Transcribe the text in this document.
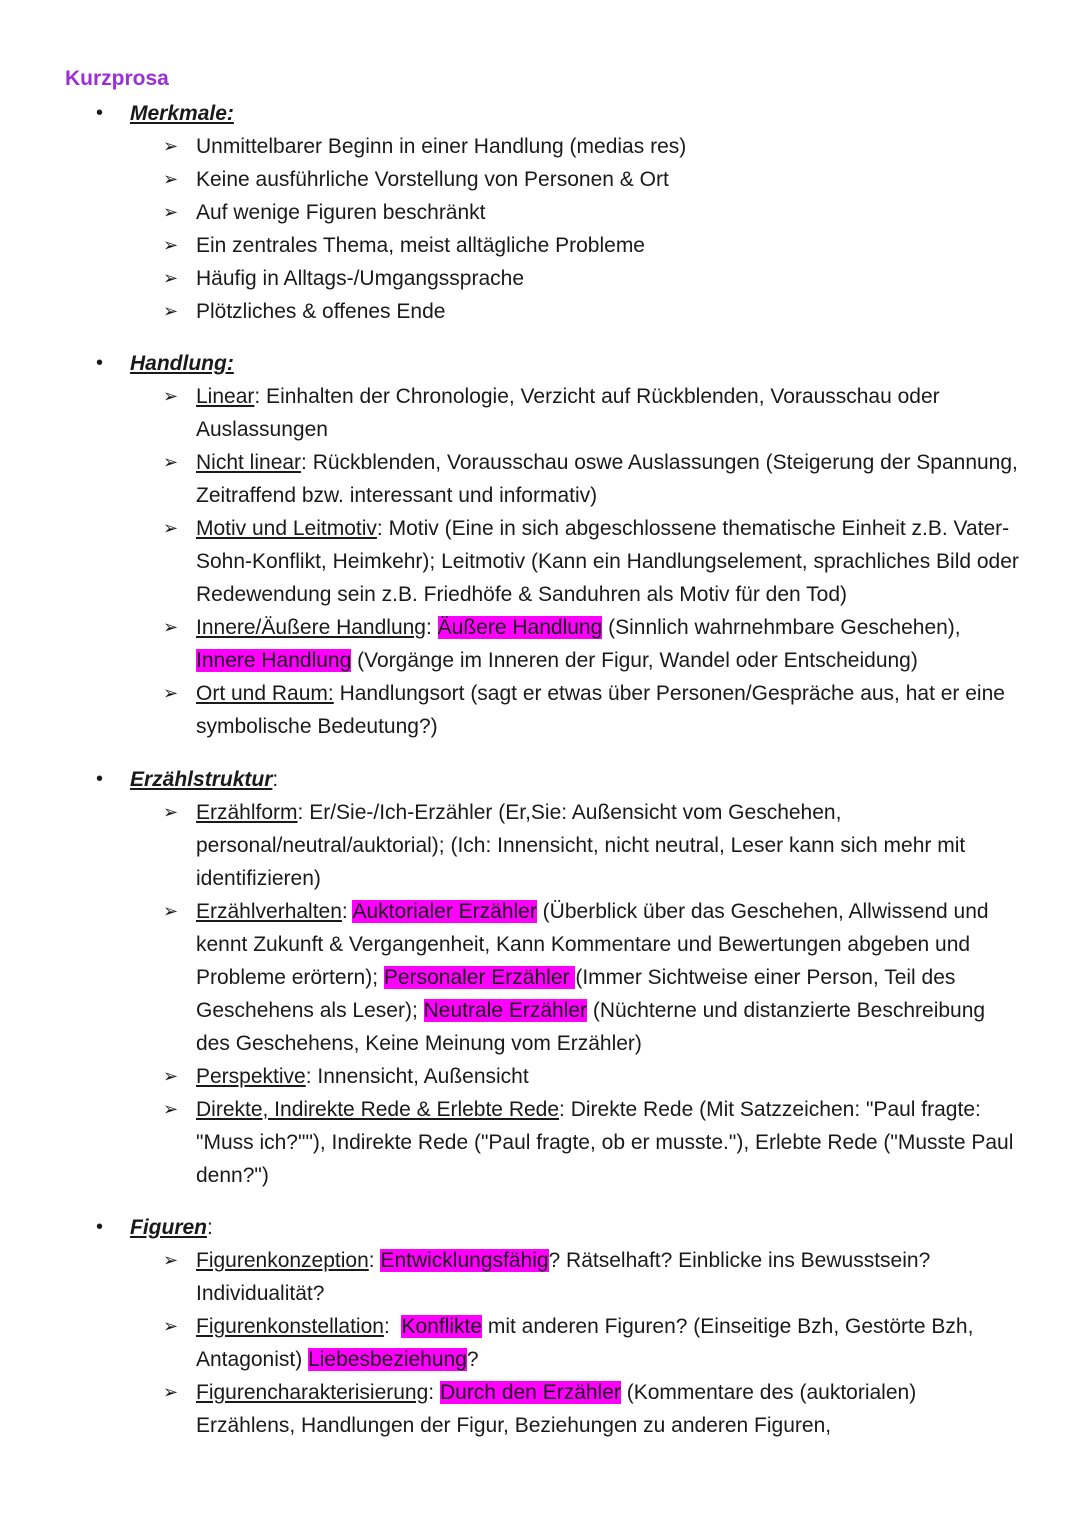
Kurzprosa
• Merkmale:
➢ Unmittelbarer Beginn in einer Handlung (medias res)
➢ Keine ausführliche Vorstellung von Personen & Ort
➢ Auf wenige Figuren beschränkt
➢ Ein zentrales Thema, meist alltägliche Probleme
➢ Häufig in Alltags-/Umgangssprache
➢ Plötzliches & offenes Ende
• Handlung:
➢ Linear: Einhalten der Chronologie, Verzicht auf Rückblenden, Vorausschau oder Auslassungen
➢ Nicht linear: Rückblenden, Vorausschau oswe Auslassungen (Steigerung der Spannung, Zeitraffend bzw. interessant und informativ)
➢ Motiv und Leitmotiv: Motiv (Eine in sich abgeschlossene thematische Einheit z.B. Vater-Sohn-Konflikt, Heimkehr); Leitmotiv (Kann ein Handlungselement, sprachliches Bild oder Redewendung sein z.B. Friedhöfe & Sanduhren als Motiv für den Tod)
➢ Innere/Äußere Handlung: Äußere Handlung (Sinnlich wahrnehmbare Geschehen), Innere Handlung (Vorgänge im Inneren der Figur, Wandel oder Entscheidung)
➢ Ort und Raum: Handlungsort (sagt er etwas über Personen/Gespräche aus, hat er eine symbolische Bedeutung?)
• Erzählstruktur:
➢ Erzählform: Er/Sie-/Ich-Erzähler (Er,Sie: Außensicht vom Geschehen, personal/neutral/auktorial); (Ich: Innensicht, nicht neutral, Leser kann sich mehr mit identifizieren)
➢ Erzählverhalten: Auktorialer Erzähler (Überblick über das Geschehen, Allwissend und kennt Zukunft & Vergangenheit, Kann Kommentare und Bewertungen abgeben und Probleme erörtern); Personaler Erzähler (Immer Sichtweise einer Person, Teil des Geschehens als Leser); Neutrale Erzähler (Nüchterne und distanzierte Beschreibung des Geschehens, Keine Meinung vom Erzähler)
➢ Perspektive: Innensicht, Außensicht
➢ Direkte, Indirekte Rede & Erlebte Rede: Direkte Rede (Mit Satzzeichen: "Paul fragte: "Muss ich?""), Indirekte Rede ("Paul fragte, ob er musste."), Erlebte Rede ("Musste Paul denn?")
• Figuren:
➢ Figurenkonzeption: Entwicklungsfähig? Rätselhaft? Einblicke ins Bewusstsein? Individualität?
➢ Figurenkonstellation:  Konflikte mit anderen Figuren? (Einseitige Bzh, Gestörte Bzh, Antagonist) Liebesbeziehung?
➢ Figurencharakterisierung: Durch den Erzähler (Kommentare des (auktorialen) Erzählens, Handlungen der Figur, Beziehungen zu anderen Figuren,
